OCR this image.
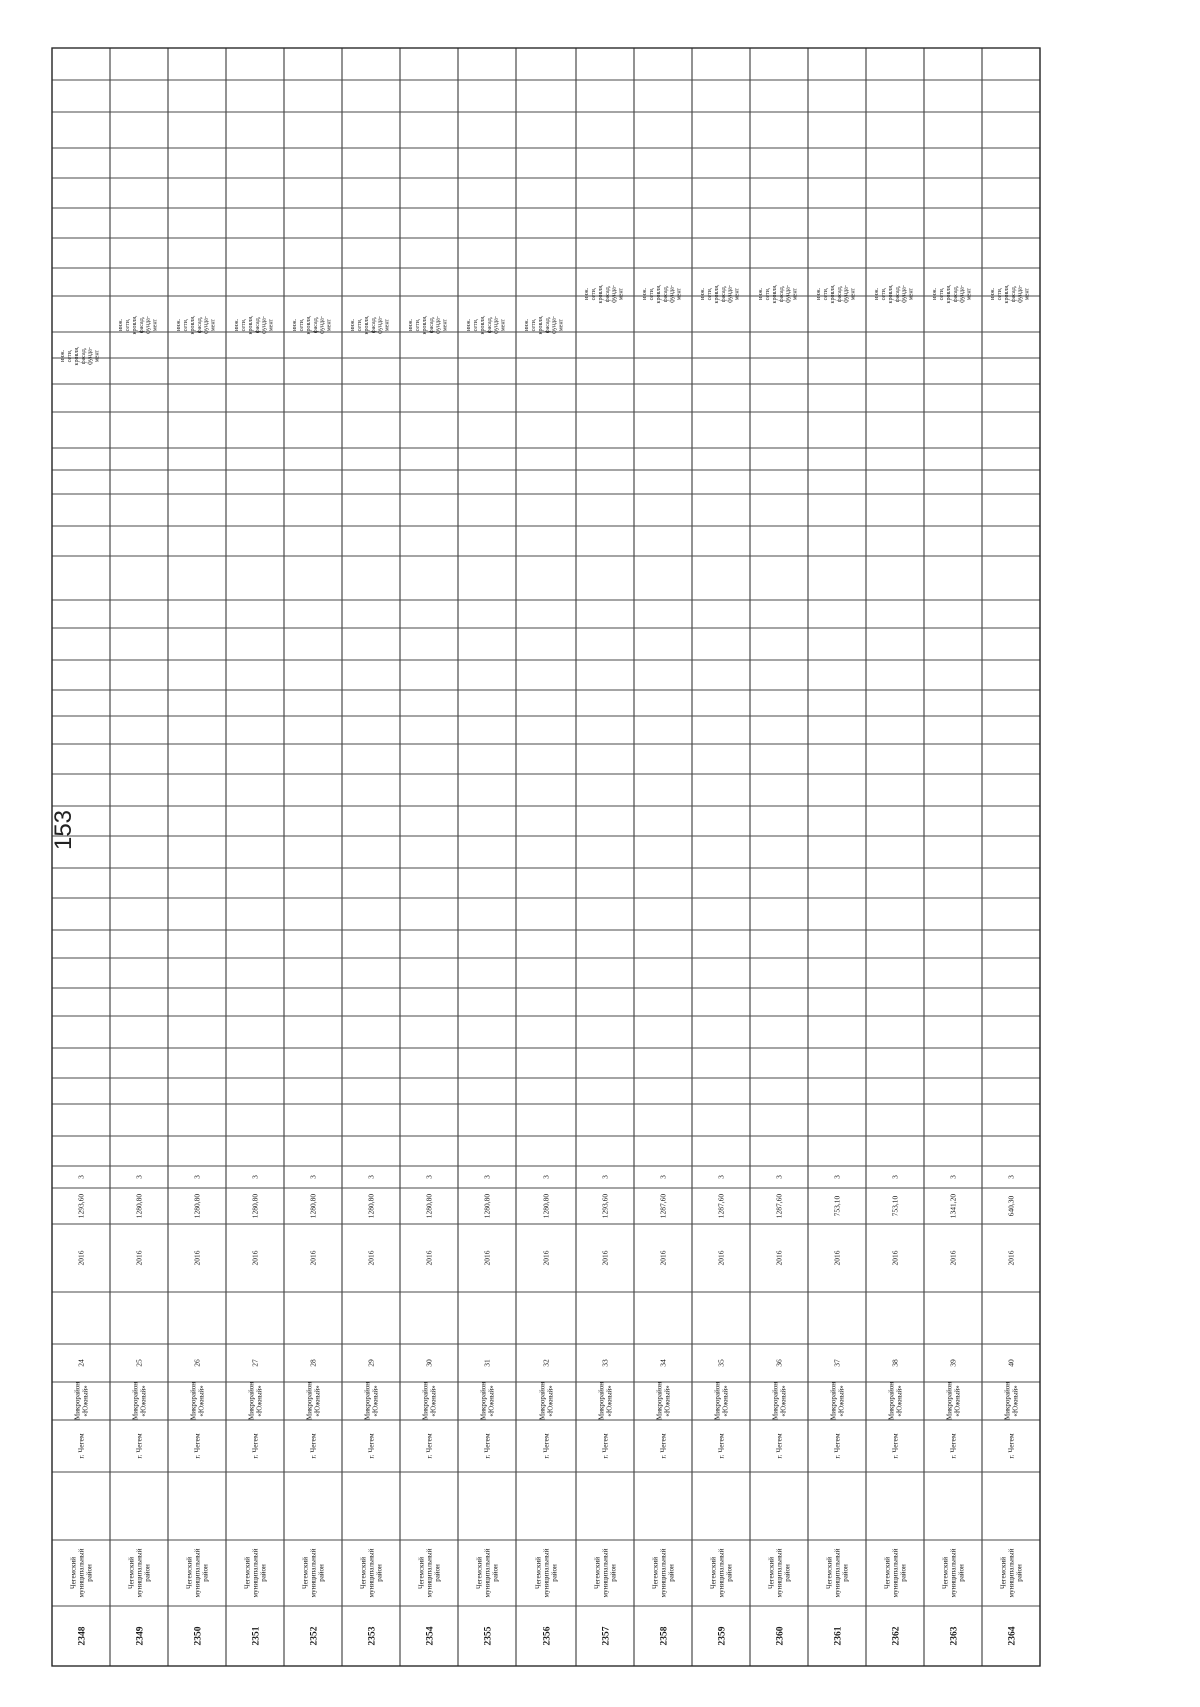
153
2348
Чегемскиймуниципальныйрайон
г. Чегем
Микрорайон«Южный»
24
2016
1293,60
3
инж.сети,кровля,фасад,фунда-мент
2349
Чегемскиймуниципальныйрайон
г. Чегем
Микрорайон«Южный»
25
2016
1280,80
3
инж.сети,кровля,фасад,фунда-мент
2350
Чегемскиймуниципальныйрайон
г. Чегем
Микрорайон«Южный»
26
2016
1280,80
3
инж.сети,кровля,фасад,фунда-мент
2351
Чегемскиймуниципальныйрайон
г. Чегем
Микрорайон«Южный»
27
2016
1280,80
3
инж.сети,кровля,фасад,фунда-мент
2352
Чегемскиймуниципальныйрайон
г. Чегем
Микрорайон«Южный»
28
2016
1280,80
3
инж.сети,кровля,фасад,фунда-мент
2353
Чегемскиймуниципальныйрайон
г. Чегем
Микрорайон«Южный»
29
2016
1280,80
3
инж.сети,кровля,фасад,фунда-мент
2354
Чегемскиймуниципальныйрайон
г. Чегем
Микрорайон«Южный»
30
2016
1280,80
3
инж.сети,кровля,фасад,фунда-мент
2355
Чегемскиймуниципальныйрайон
г. Чегем
Микрорайон«Южный»
31
2016
1280,80
3
инж.сети,кровля,фасад,фунда-мент
2356
Чегемскиймуниципальныйрайон
г. Чегем
Микрорайон«Южный»
32
2016
1280,80
3
инж.сети,кровля,фасад,фунда-мент
2357
Чегемскиймуниципальныйрайон
г. Чегем
Микрорайон«Южный»
33
2016
1293,60
3
инж.сети,кровля,фасад,фунда-мент
2358
Чегемскиймуниципальныйрайон
г. Чегем
Микрорайон«Южный»
34
2016
1287,60
3
инж.сети,кровля,фасад,фунда-мент
2359
Чегемскиймуниципальныйрайон
г. Чегем
Микрорайон«Южный»
35
2016
1287,60
3
инж.сети,кровля,фасад,фунда-мент
2360
Чегемскиймуниципальныйрайон
г. Чегем
Микрорайон«Южный»
36
2016
1287,60
3
инж.сети,кровля,фасад,фунда-мент
2361
Чегемскиймуниципальныйрайон
г. Чегем
Микрорайон«Южный»
37
2016
753,10
3
инж.сети,кровля,фасад,фунда-мент
2362
Чегемскиймуниципальныйрайон
г. Чегем
Микрорайон«Южный»
38
2016
753,10
3
инж.сети,кровля,фасад,фунда-мент
2363
Чегемскиймуниципальныйрайон
г. Чегем
Микрорайон«Южный»
39
2016
1341,20
3
инж.сети,кровля,фасад,фунда-мент
2364
Чегемскиймуниципальныйрайон
г. Чегем
Микрорайон«Южный»
40
2016
640,30
3
инж.сети,кровля,фасад,фунда-мент
